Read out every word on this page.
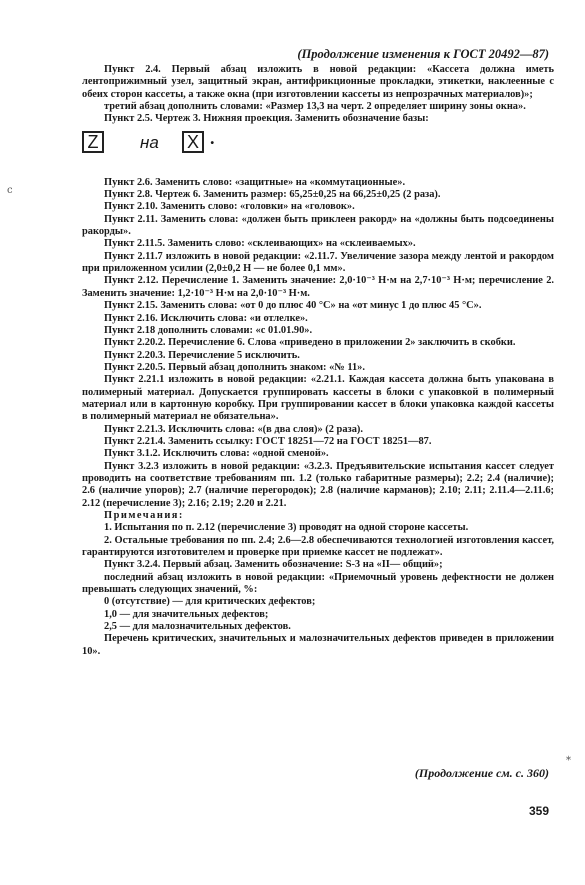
(Продолжение изменения к ГОСТ 20492—87)

Пункт 2.4. Первый абзац изложить в новой редакции: «Кассета должна иметь лентоприжимный узел, защитный экран, антифрикционные прокладки, этикетки, наклеенные с обеих сторон кассеты, а также окна (при изготовлении кассеты из непрозрачных материалов)»;

третий абзац дополнить словами: «Размер 13,3 на черт. 2 определяет ширину зоны окна».

Пункт 2.5. Чертеж 3. Нижняя проекция. Заменить обозначение базы:

Z	на X .

Пункт 2.6. Заменить слово: «защитные» на «коммутационные».

Пункт 2.8. Чертеж 6. Заменить размер: 65,25±0,25 на 66,25±0,25 (2 раза).

Пункт 2.10. Заменить слово: «головки» на «головок».

Пункт 2.11. Заменить слова: «должен быть приклеен ракорд» на «должны быть подсоединены ракорды».

Пункт 2.11.5. Заменить слово: «склеивающих» на «склеиваемых».

Пункт 2.11.7 изложить в новой редакции: «2.11.7. Увеличение зазора между лентой и ракордом при приложенном усилии (2,0±0,2 Н — не более 0,1 мм».

Пункт 2.12. Перечисление 1. Заменить значение: 2,0·10⁻³ Н·м на 2,7·10⁻³ Н·м; перечисление 2. Заменить значение: 1,2·10⁻³ Н·м на 2,0·10⁻³ Н·м.

Пункт 2.15. Заменить слова: «от 0 до плюс 40 °C» на «от минус 1 до плюс 45 °C».

Пункт 2.16. Исключить слова: «и отлелке».

Пункт 2.18 дополнить словами: «с 01.01.90».

Пункт 2.20.2. Перечисление 6. Слова «приведено в приложении 2» заключить в скобки.

Пункт 2.20.3. Перечисление 5 исключить.

Пункт 2.20.5. Первый абзац дополнить знаком: «№ 11».

Пункт 2.21.1 изложить в новой редакции: «2.21.1. Каждая кассета должна быть упакована в полимерный материал. Допускается группировать кассеты в блоки с упаковкой в полимерный материал или в картонную коробку. При группировании кассет в блоки упаковка каждой кассеты в полимерный материал не обязательна».

Пункт 2.21.3. Исключить слова: «(в два слоя)» (2 раза).

Пункт 2.21.4. Заменить ссылку: ГОСТ 18251—72 на ГОСТ 18251—87.

Пункт 3.1.2. Исключить слова: «одной сменой».

Пункт 3.2.3 изложить в новой редакции: «3.2.3. Предъявительские испытания кассет следует проводить на соответствие требованиям пп. 1.2 (только габаритные размеры); 2.2; 2.4 (наличие); 2.6 (наличие упоров); 2.7 (наличие перегородок); 2.8 (наличие карманов); 2.10; 2.11; 2.11.4—2.11.6; 2.12 (перечисление 3); 2.16; 2.19; 2.20 и 2.21.

Примечания:

1. Испытания по п. 2.12 (перечисление 3) проводят на одной стороне кассеты.

2. Остальные требования по пп. 2.4; 2.6—2.8 обеспечиваются технологией изготовления кассет, гарантируются изготовителем и проверке при приемке кассет не подлежат».

Пункт 3.2.4. Первый абзац. Заменить обозначение: S-3 на «II— общий»;

последний абзац изложить в новой редакции: «Приемочный уровень дефектности не должен превышать следующих значений, %:

0 (отсутствие) — для критических дефектов;

1,0 — для значительных дефектов;

2,5 — для малозначительных дефектов.

Перечень критических, значительных и малозначительных дефектов приведен в приложении 10».

(Продолжение см. с. 360)
359
ⅽ
⁎
